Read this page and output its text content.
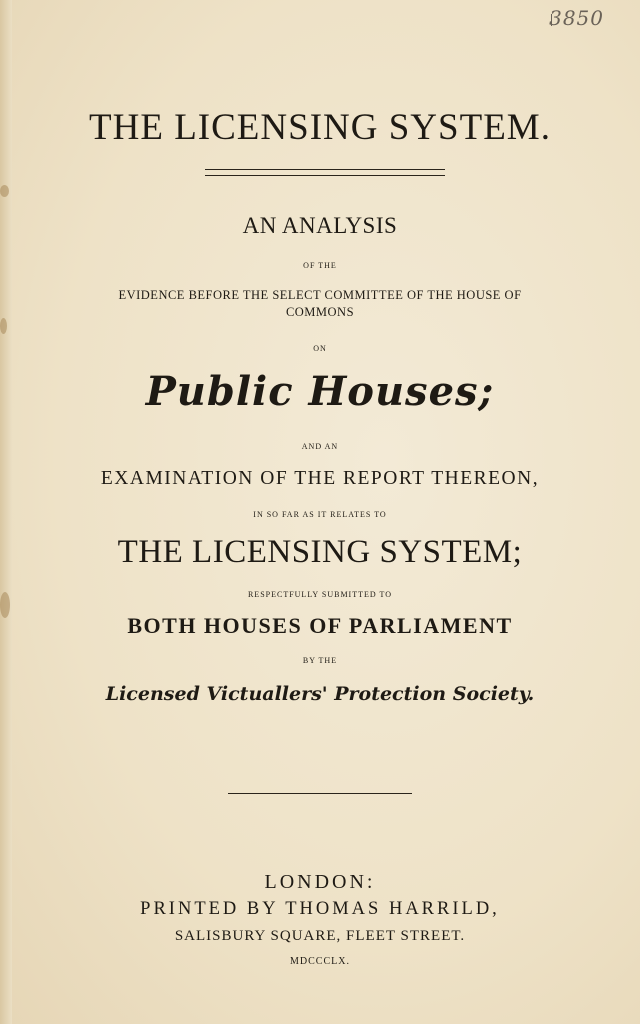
3850
THE LICENSING SYSTEM.
AN ANALYSIS
OF THE
EVIDENCE BEFORE THE SELECT COMMITTEE OF THE HOUSE OF
COMMONS
ON
Public Houses;
AND AN
EXAMINATION OF THE REPORT THEREON,
IN SO FAR AS IT RELATES TO
THE LICENSING SYSTEM;
RESPECTFULLY SUBMITTED TO
BOTH HOUSES OF PARLIAMENT
BY THE
Licensed Victuallers' Protection Society.
LONDON:
PRINTED BY THOMAS HARRILD,
SALISBURY SQUARE, FLEET STREET.
MDCCCLX.
